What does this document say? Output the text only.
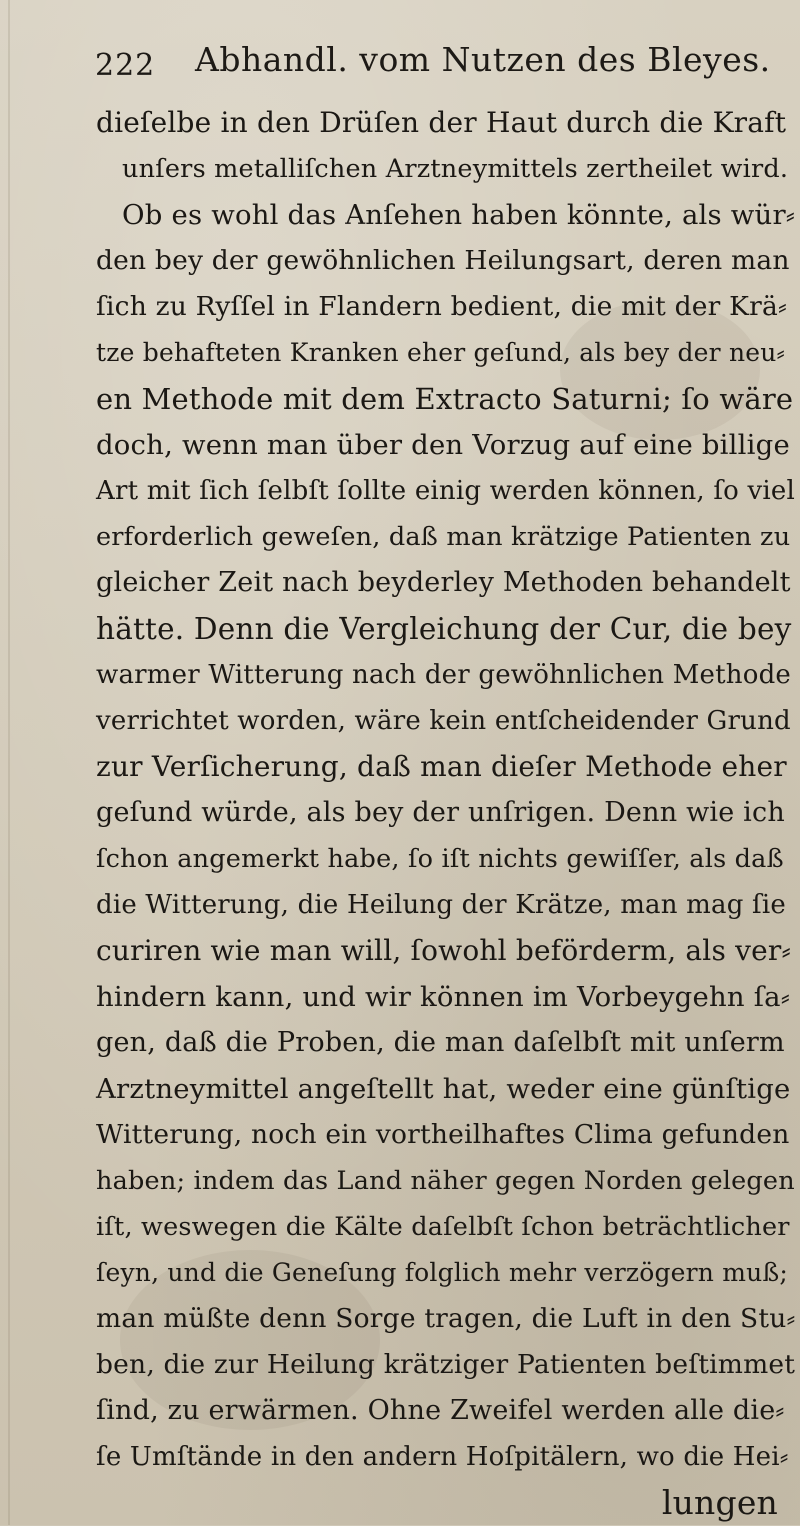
222 Abhandl. vom Nutzen des Bleyes.
dieſelbe in den Drüſen der Haut durch die Kraft
unſers metalliſchen Arztneymittels zertheilet wird.
Ob es wohl das Anſehen haben könnte, als wür⸗
den bey der gewöhnlichen Heilungsart, deren man
ſich zu Ryſſel in Flandern bedient, die mit der Krä⸗
tze behafteten Kranken eher geſund, als bey der neu⸗
en Methode mit dem Extracto Saturni; ſo wäre
doch, wenn man über den Vorzug auf eine billige
Art mit ſich ſelbſt ſollte einig werden können, ſo viel
erforderlich geweſen, daß man krätzige Patienten zu
gleicher Zeit nach beyderley Methoden behandelt
hätte. Denn die Vergleichung der Cur, die bey
warmer Witterung nach der gewöhnlichen Methode
verrichtet worden, wäre kein entſcheidender Grund
zur Verſicherung, daß man dieſer Methode eher
geſund würde, als bey der unſrigen. Denn wie ich
ſchon angemerkt habe, ſo iſt nichts gewiſſer, als daß
die Witterung, die Heilung der Krätze, man mag ſie
curiren wie man will, ſowohl beförderm, als ver⸗
hindern kann, und wir können im Vorbeygehn ſa⸗
gen, daß die Proben, die man daſelbſt mit unſerm
Arztneymittel angeſtellt hat, weder eine günſtige
Witterung, noch ein vortheilhaftes Clima gefunden
haben; indem das Land näher gegen Norden gelegen
iſt, weswegen die Kälte daſelbſt ſchon beträchtlicher
ſeyn, und die Geneſung folglich mehr verzögern muß;
man müßte denn Sorge tragen, die Luft in den Stu⸗
ben, die zur Heilung krätziger Patienten beſtimmet
ſind, zu erwärmen. Ohne Zweifel werden alle die⸗
ſe Umſtände in den andern Hoſpitälern, wo die Hei⸗
lungen
